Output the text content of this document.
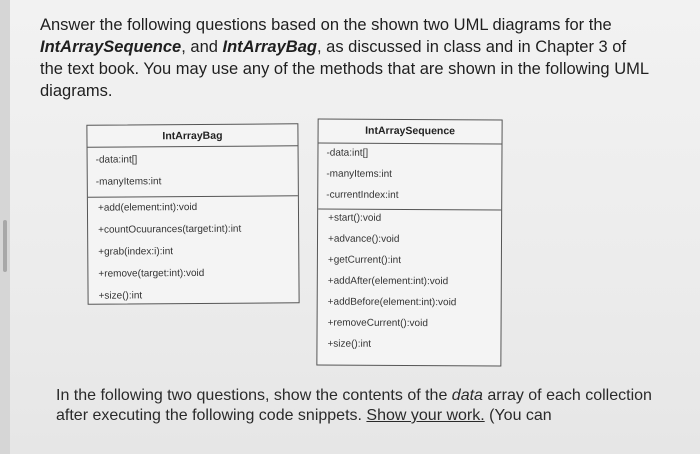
Answer the following questions based on the shown two UML diagrams for the IntArraySequence, and IntArrayBag, as discussed in class and in Chapter 3 of the text book. You may use any of the methods that are shown in the following UML diagrams.
IntArrayBag
-data:int[]
-manyItems:int
+add(element:int):void
+countOcuurances(target:int):int
+grab(index:i):int
+remove(target:int):void
+size():int
IntArraySequence
-data:int[]
-manyItems:int
-currentIndex:int
+start():void
+advance():void
+getCurrent():int
+addAfter(element:int):void
+addBefore(element:int):void
+removeCurrent():void
+size():int
In the following two questions, show the contents of the data array of each collection after executing the following code snippets. Show your work. (You can
